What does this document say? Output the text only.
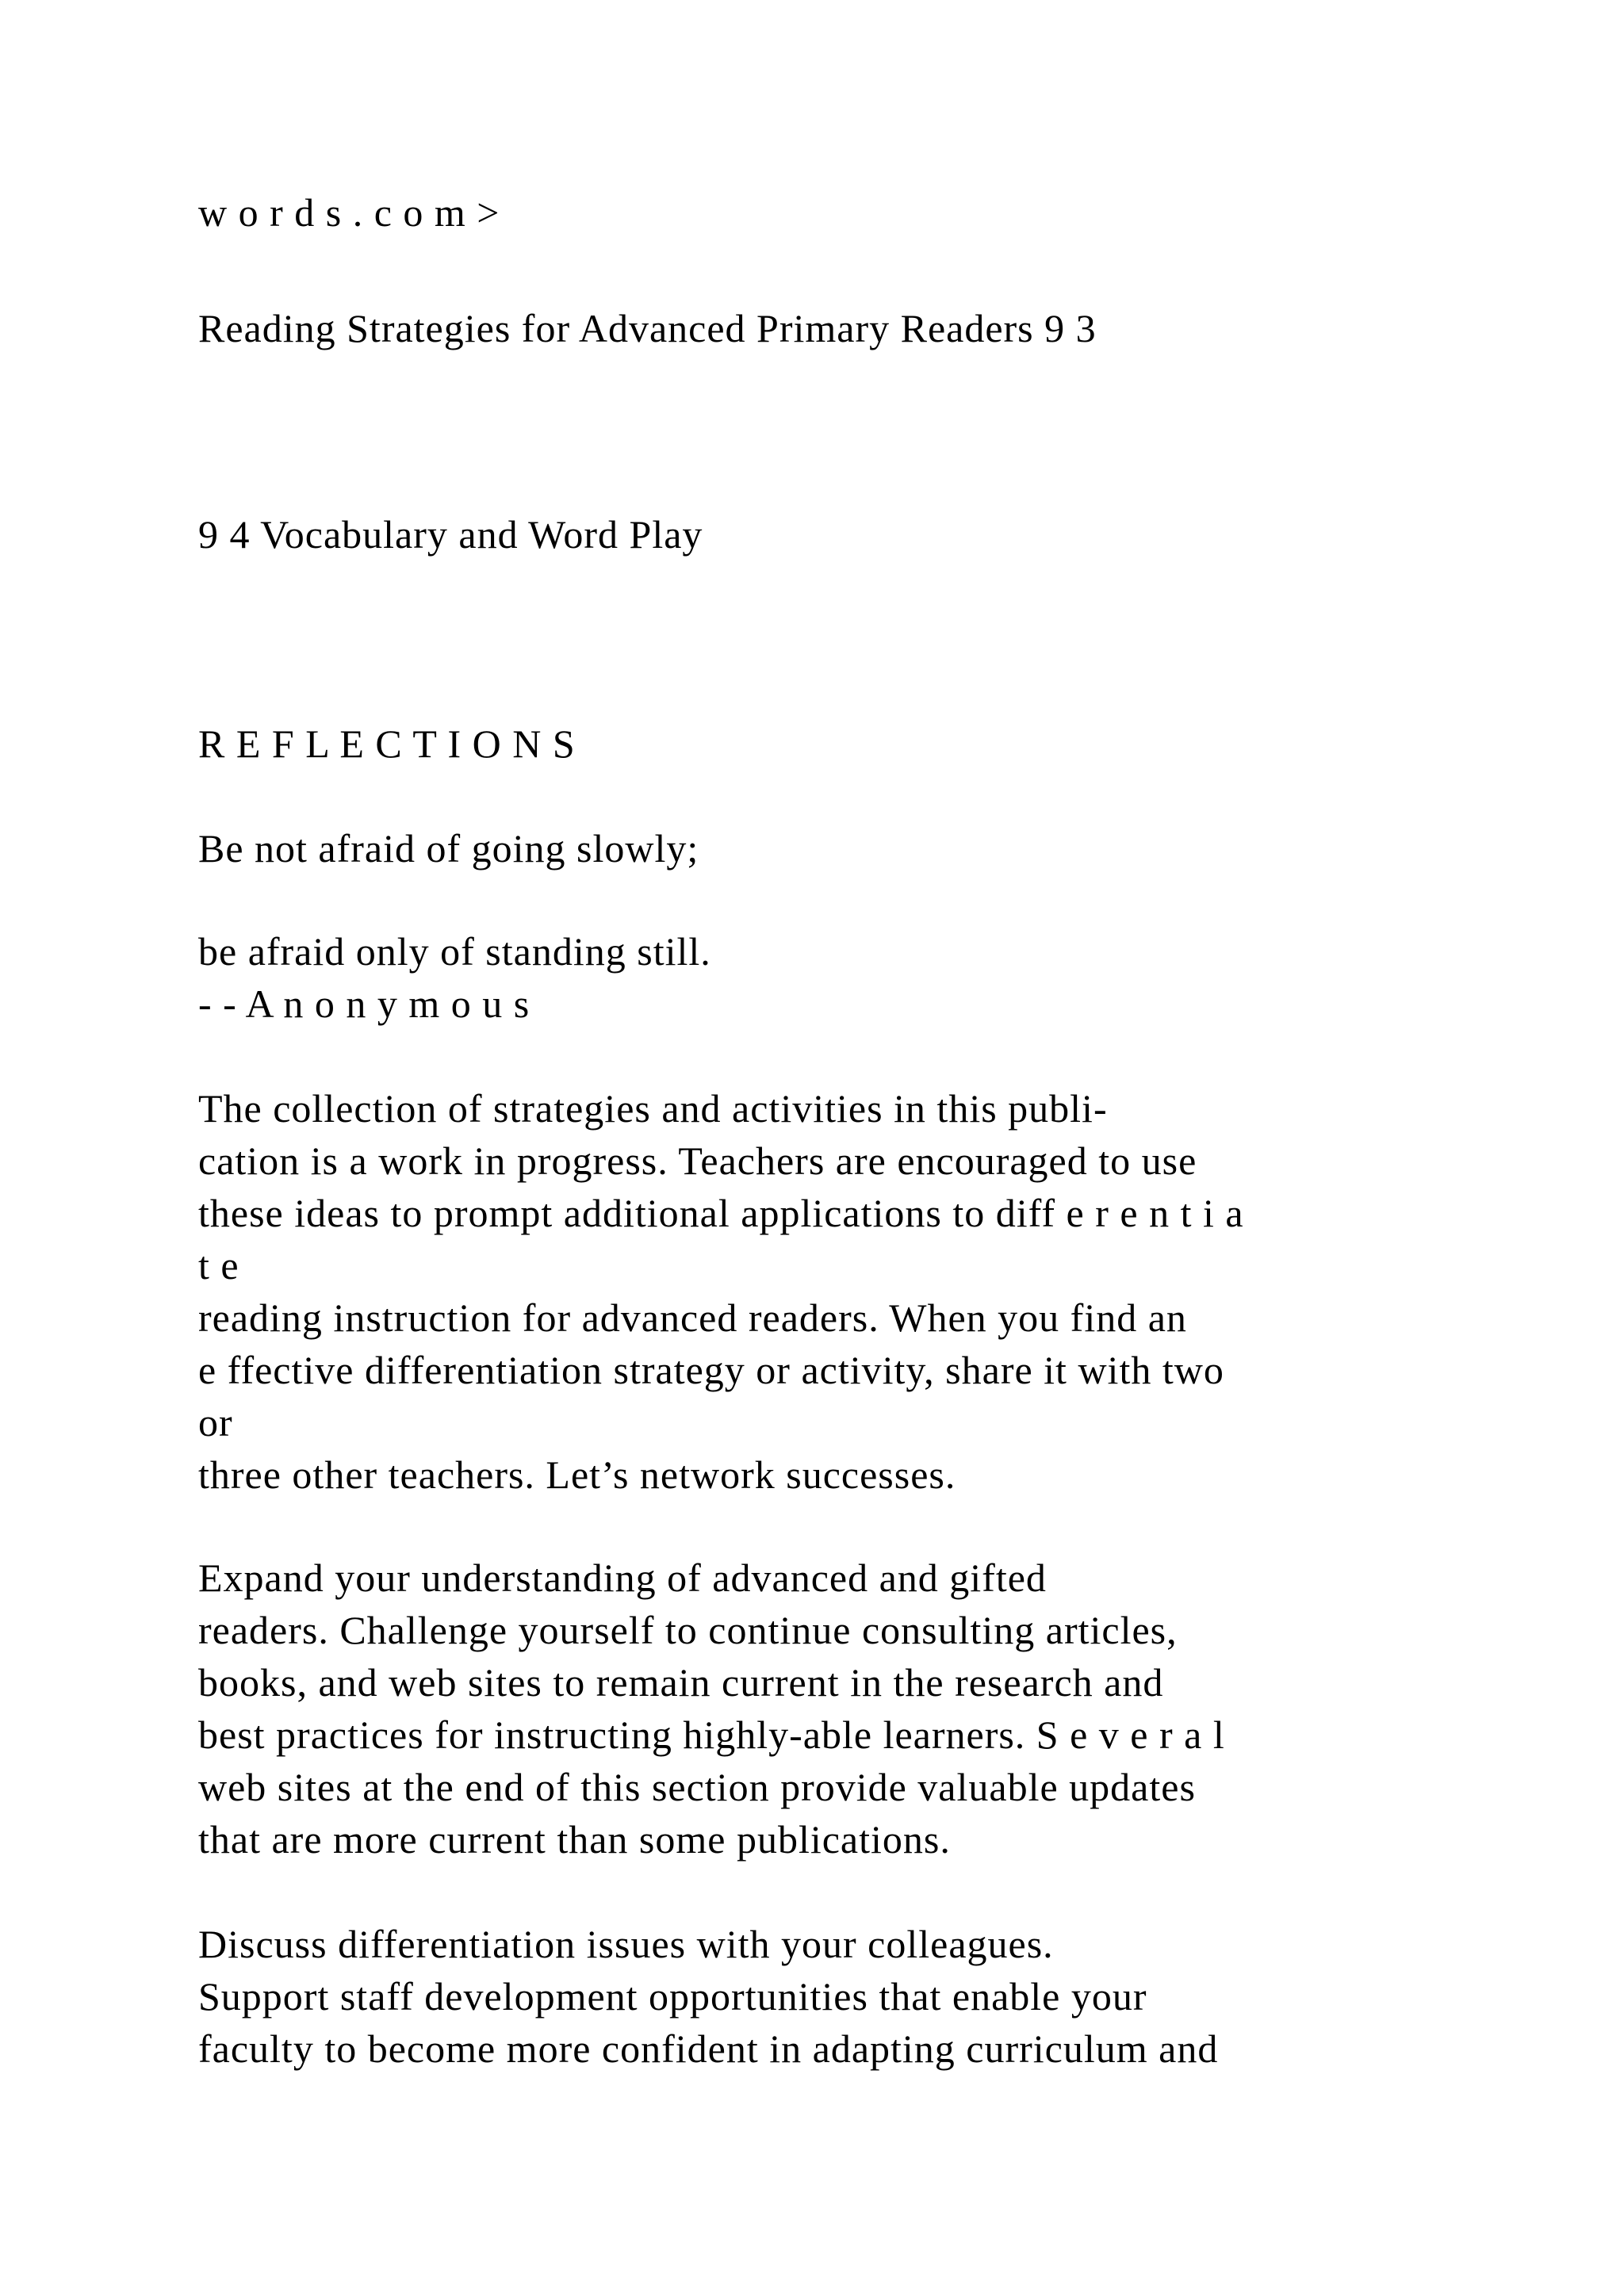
w o r d s . c o m >

Reading Strategies for Advanced Primary Readers 9 3

9 4 Vocabulary and Word Play

R E F L E C T I O N S

Be not afraid of going slowly;

be afraid only of standing still.

- - A n o n y m o u s

The collection of strategies and activities in this publi-

cation is a work in progress. Teachers are encouraged to use

these ideas to prompt additional applications to diff e r e n t i a

t e

reading instruction for advanced readers. When you find an

e ffective differentiation strategy or activity, share it with two

or

three other teachers. Let’s network successes.

Expand your understanding of advanced and gifted

readers. Challenge yourself to continue consulting articles,

books, and web sites to remain current in the research and

best practices for instructing highly-able learners. S e v e r a l

web sites at the end of this section provide valuable updates

that are more current than some publications.

Discuss differentiation issues with your colleagues.

Support staff development opportunities that enable your

faculty to become more confident in adapting curriculum and
